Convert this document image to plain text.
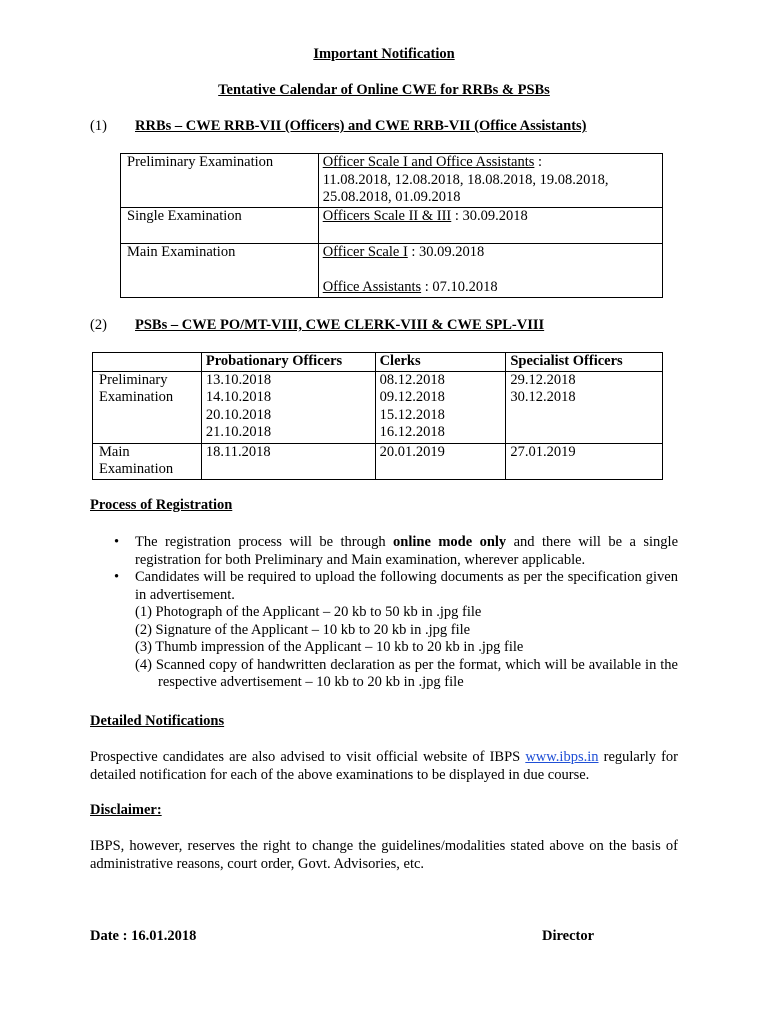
Important Notification
Tentative Calendar of Online CWE for RRBs & PSBs
(1) RRBs – CWE RRB-VII (Officers) and CWE RRB-VII (Office Assistants)
Preliminary Examination	Officer Scale I and Office Assistants :
11.08.2018, 12.08.2018, 18.08.2018, 19.08.2018,
25.08.2018, 01.09.2018
Single Examination	Officers Scale II & III : 30.09.2018
Main Examination	Officer Scale I : 30.09.2018

Office Assistants : 07.10.2018
(2) PSBs – CWE PO/MT-VIII, CWE CLERK-VIII & CWE SPL-VIII
	Probationary Officers	Clerks	Specialist Officers
Preliminary
Examination	13.10.2018
14.10.2018
20.10.2018
21.10.2018	08.12.2018
09.12.2018
15.12.2018
16.12.2018	29.12.2018
30.12.2018
Main
Examination	18.11.2018	20.01.2019	27.01.2019
Process of Registration
• The registration process will be through online mode only and there will be a single registration for both Preliminary and Main examination, wherever applicable.
• Candidates will be required to upload the following documents as per the specification given in advertisement.
(1) Photograph of the Applicant – 20 kb to 50 kb in .jpg file
(2) Signature of the Applicant – 10 kb to 20 kb in .jpg file
(3) Thumb impression of the Applicant – 10 kb to 20 kb in .jpg file
(4) Scanned copy of handwritten declaration as per the format, which will be available in the respective advertisement – 10 kb to 20 kb in .jpg file
Detailed Notifications
Prospective candidates are also advised to visit official website of IBPS www.ibps.in regularly for detailed notification for each of the above examinations to be displayed in due course.
Disclaimer:
IBPS, however, reserves the right to change the guidelines/modalities stated above on the basis of administrative reasons, court order, Govt. Advisories, etc.
Date : 16.01.2018	Director
